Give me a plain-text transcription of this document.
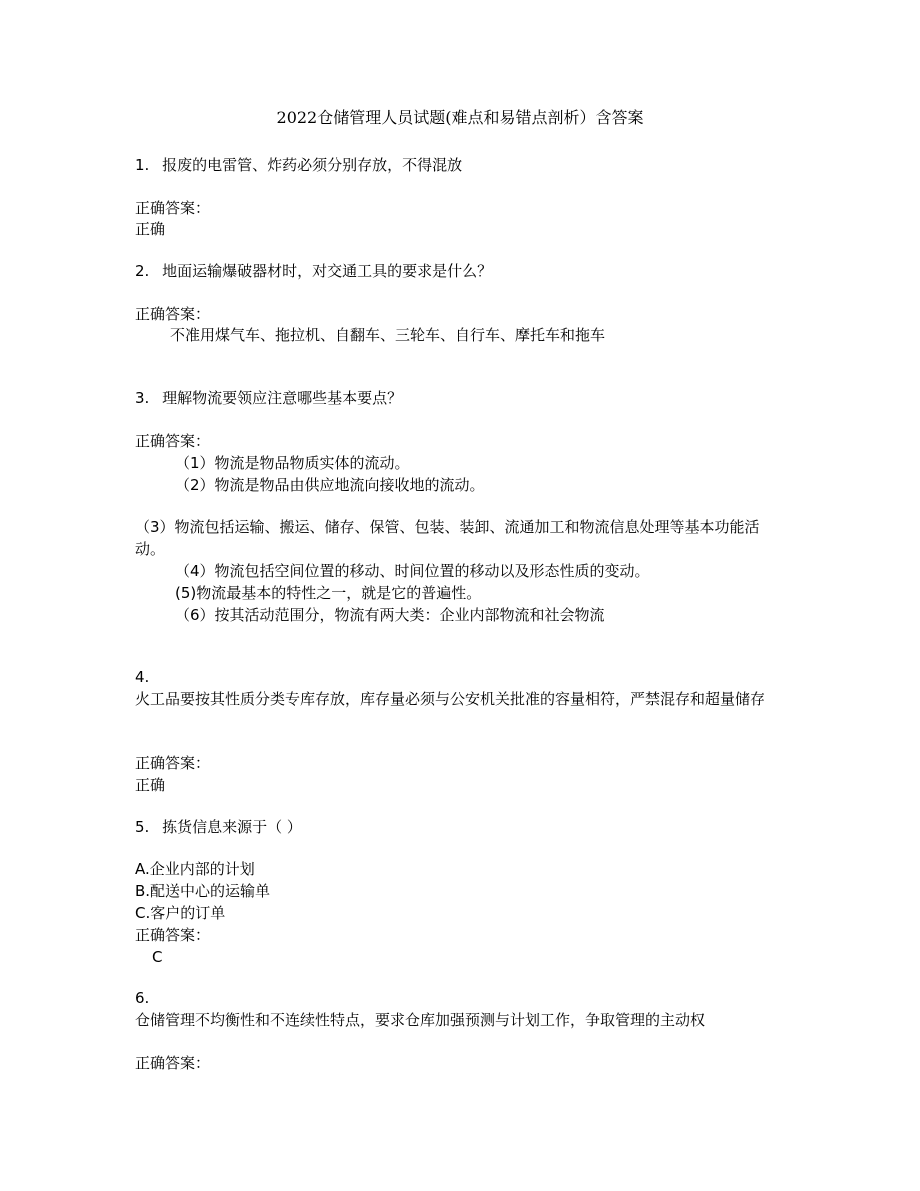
2022仓储管理人员试题(难点和易错点剖析）含答案
1. 报废的电雷管、炸药必须分别存放，不得混放
正确答案：
正确
2. 地面运输爆破器材时，对交通工具的要求是什么？
正确答案：
不准用煤气车、拖拉机、自翻车、三轮车、自行车、摩托车和拖车
3. 理解物流要领应注意哪些基本要点？
正确答案：
（1）物流是物品物质实体的流动。
（2）物流是物品由供应地流向接收地的流动。
（3）物流包括运输、搬运、储存、保管、包装、装卸、流通加工和物流信息处理等基本功能活动。
（4）物流包括空间位置的移动、时间位置的移动以及形态性质的变动。
(5)物流最基本的特性之一，就是它的普遍性。
（6）按其活动范围分，物流有两大类：企业内部物流和社会物流
4.
火工品要按其性质分类专库存放，库存量必须与公安机关批准的容量相符，严禁混存和超量储存
正确答案：
正确
5. 拣货信息来源于（ ）
A.企业内部的计划
B.配送中心的运输单
C.客户的订单
正确答案：
C
6.
仓储管理不均衡性和不连续性特点，要求仓库加强预测与计划工作，争取管理的主动权
正确答案：
